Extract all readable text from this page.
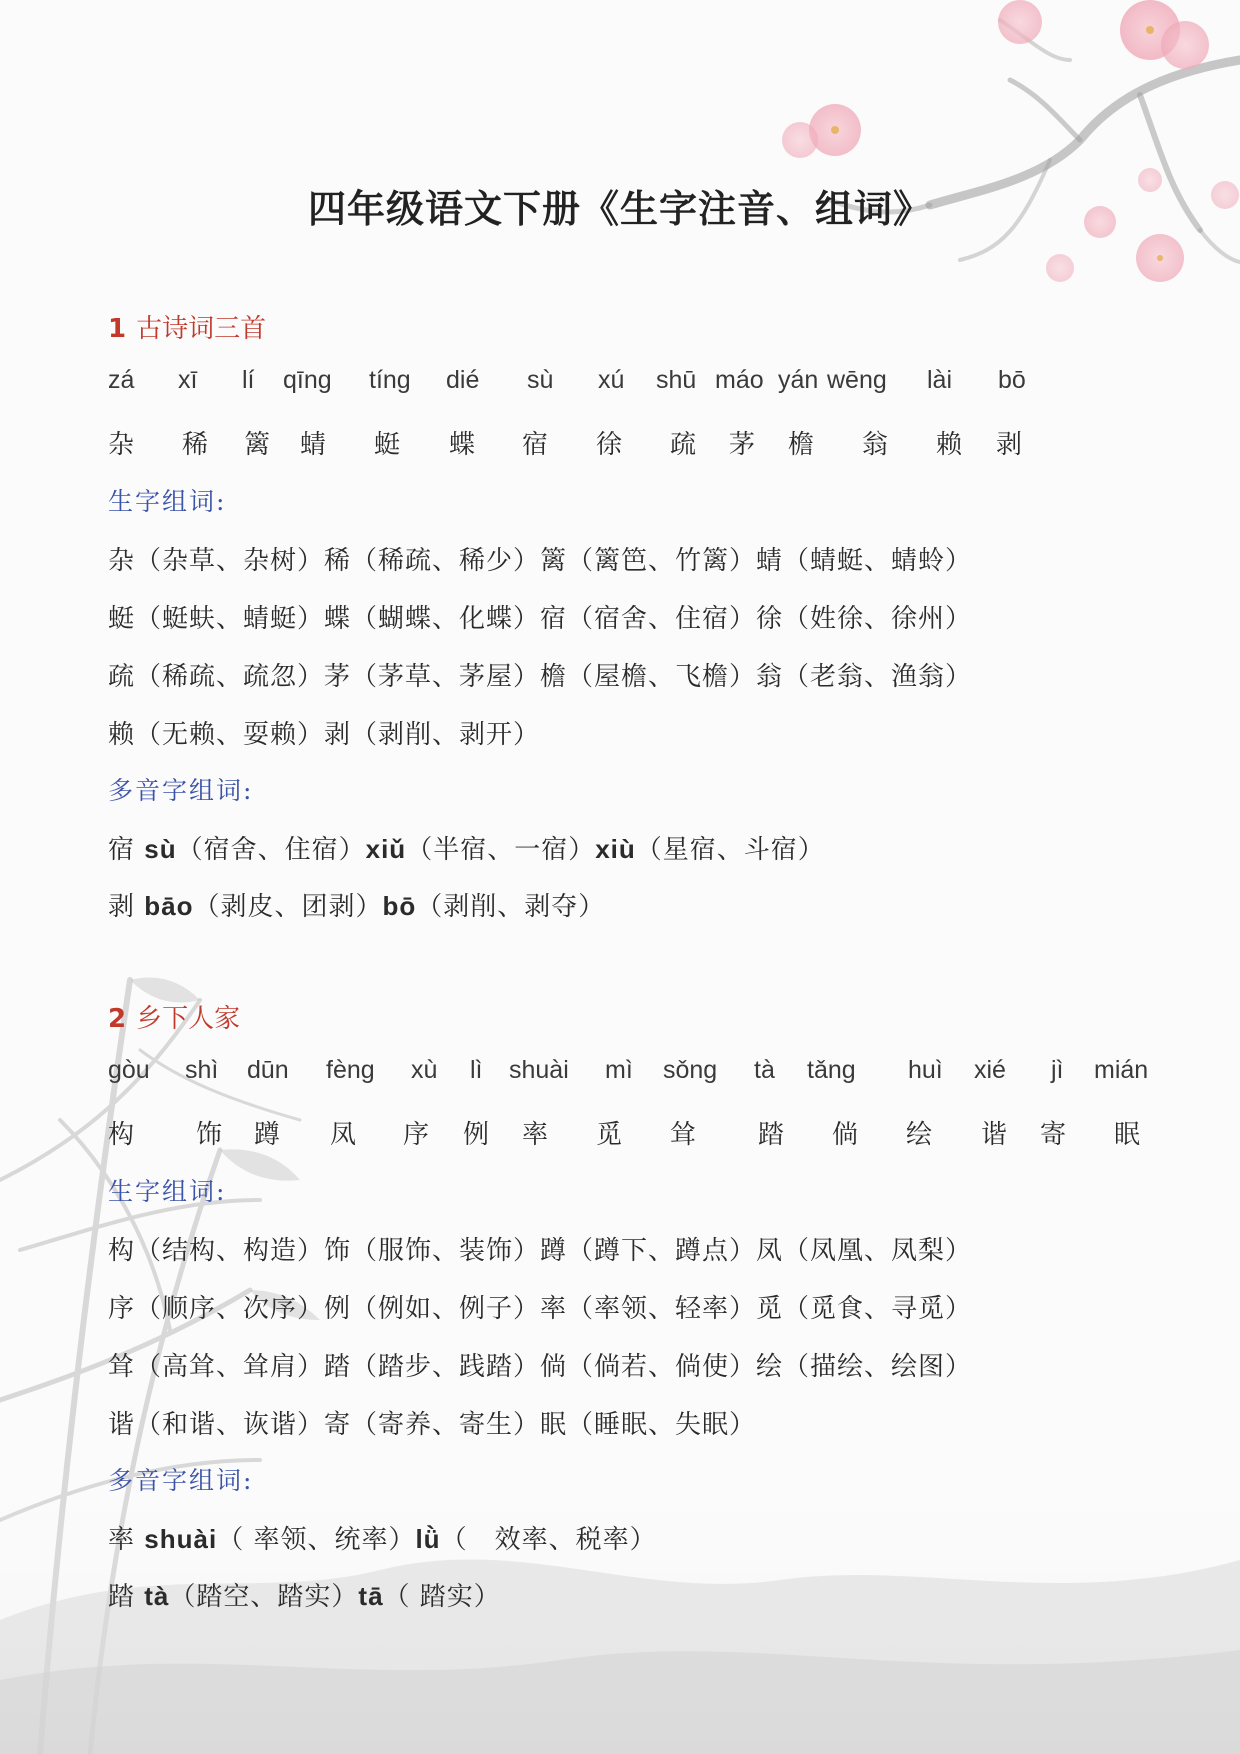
四年级语文下册《生字注音、组词》
1 古诗词三首
zá xī lí qīng tíng dié sù xú shū máo yán wēng lài bō
杂 稀 篱 蜻 蜓 蝶 宿 徐 疏 茅 檐 翁 赖 剥
生字组词:
杂（杂草、杂树）稀（稀疏、稀少）篱（篱笆、竹篱）蜻（蜻蜓、蜻蛉）
蜓（蜓蚨、蜻蜓）蝶（蝴蝶、化蝶）宿（宿舍、住宿）徐（姓徐、徐州）
疏（稀疏、疏忽）茅（茅草、茅屋）檐（屋檐、飞檐）翁（老翁、渔翁）
赖（无赖、耍赖）剥（剥削、剥开）
多音字组词:
宿 sù（宿舍、住宿）xiǔ（半宿、一宿）xiù（星宿、斗宿）
剥 bāo（剥皮、团剥）bō（剥削、剥夺）
2 乡下人家
gòu shì dūn fèng xù lì shuài mì sǒng tà tǎng huì xié jì mián
构 饰 蹲 凤 序 例 率 觅 耸 踏 倘 绘 谐 寄 眠
生字组词:
构（结构、构造）饰（服饰、装饰）蹲（蹲下、蹲点）凤（凤凰、凤梨）
序（顺序、次序）例（例如、例子）率（率领、轻率）觅（觅食、寻觅）
耸（高耸、耸肩）踏（踏步、践踏）倘（倘若、倘使）绘（描绘、绘图）
谐（和谐、诙谐）寄（寄养、寄生）眠（睡眠、失眠）
多音字组词:
率 shuài（ 率领、统率）lǜ（　效率、税率）
踏 tà（踏空、踏实）tā（ 踏实）
